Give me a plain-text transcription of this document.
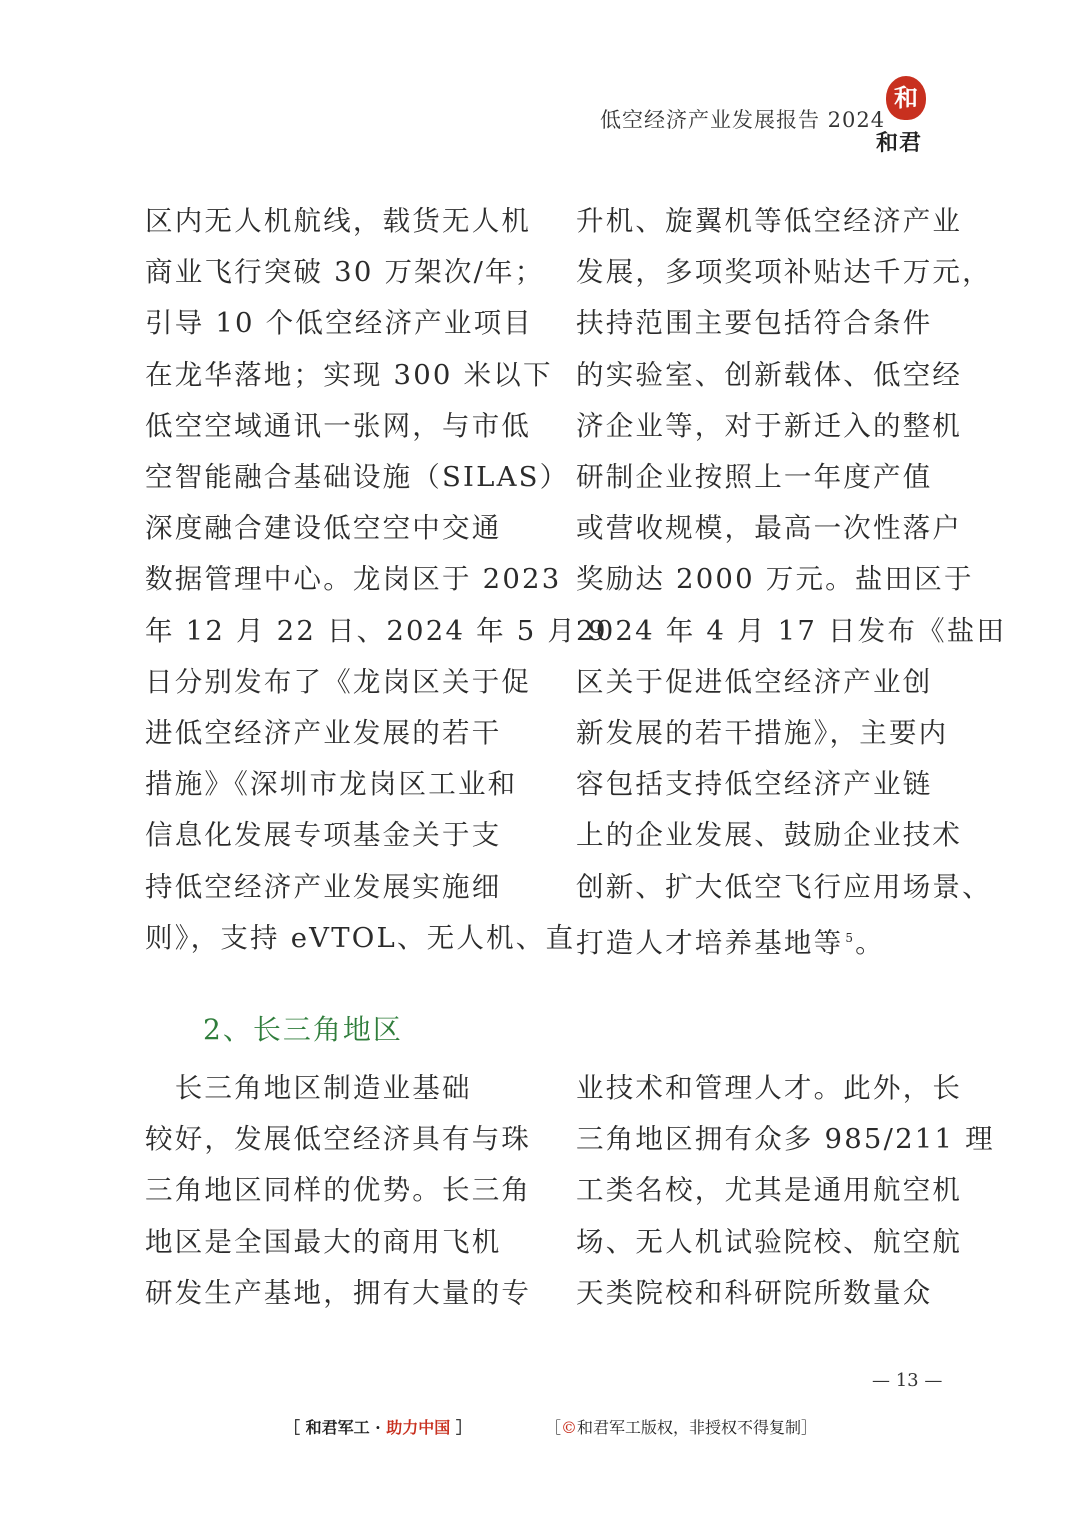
低空经济产业发展报告 2024
和
和君

区内无人机航线，载货无人机

商业飞行突破 30 万架次/年；

引导 10 个低空经济产业项目

在龙华落地；实现 300 米以下

低空空域通讯一张网，与市低

空智能融合基础设施（SILAS）

深度融合建设低空空中交通

数据管理中心。龙岗区于 2023

年 12 月 22 日、2024 年 5 月 9

日分别发布了《龙岗区关于促

进低空经济产业发展的若干

措施》《深圳市龙岗区工业和

信息化发展专项基金关于支

持低空经济产业发展实施细

则》，支持 eVTOL、无人机、直

升机、旋翼机等低空经济产业

发展，多项奖项补贴达千万元，

扶持范围主要包括符合条件

的实验室、创新载体、低空经

济企业等，对于新迁入的整机

研制企业按照上一年度产值

或营收规模，最高一次性落户

奖励达 2000 万元。盐田区于

2024 年 4 月 17 日发布《盐田

区关于促进低空经济产业创

新发展的若干措施》，主要内

容包括支持低空经济产业链

上的企业发展、鼓励企业技术

创新、扩大低空飞行应用场景、

打造人才培养基地等 $^5$。

2、长三角地区

　长三角地区制造业基础

较好，发展低空经济具有与珠

三角地区同样的优势。长三角

地区是全国最大的商用飞机

研发生产基地，拥有大量的专

业技术和管理人才。此外，长

三角地区拥有众多 985/211 理

工类名校，尤其是通用航空机

场、无人机试验院校、航空航

天类院校和科研院所数量众

— 13 —
［ 和君军工 · 助力中国 ］	［©和君军工版权，非授权不得复制］
